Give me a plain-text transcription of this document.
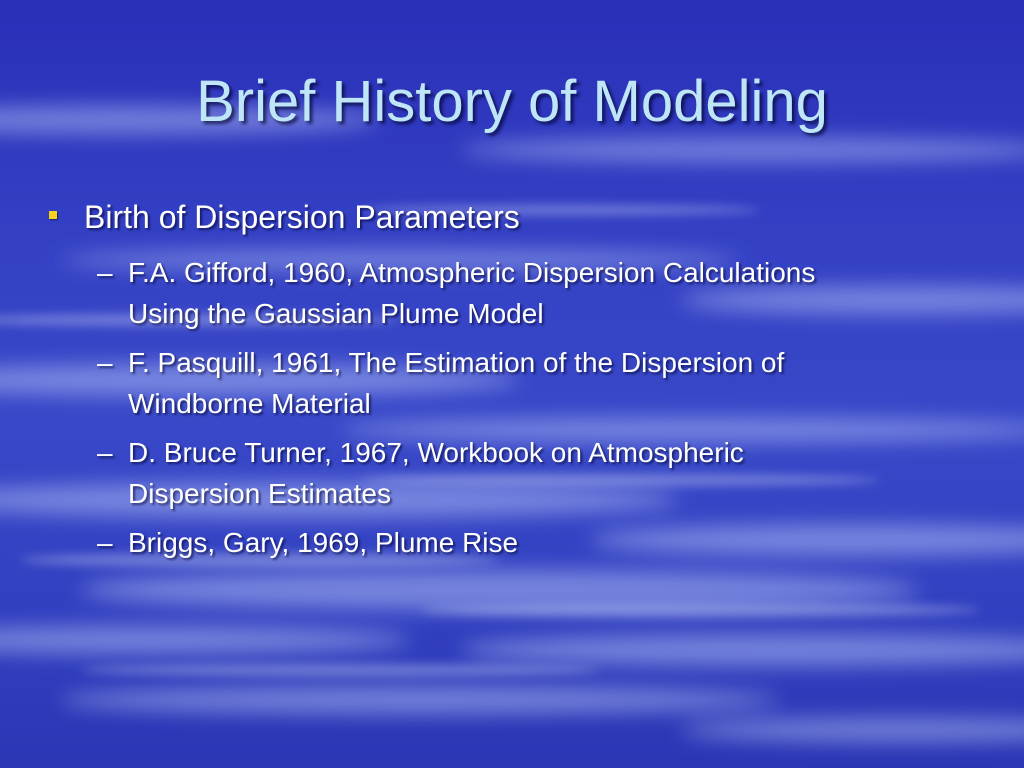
Brief History of Modeling
Birth of Dispersion Parameters
– F.A. Gifford, 1960, Atmospheric Dispersion Calculations
Using the Gaussian Plume Model
– F. Pasquill, 1961, The Estimation of the Dispersion of
Windborne Material
– D. Bruce Turner, 1967, Workbook on Atmospheric
Dispersion Estimates
– Briggs, Gary, 1969, Plume Rise
